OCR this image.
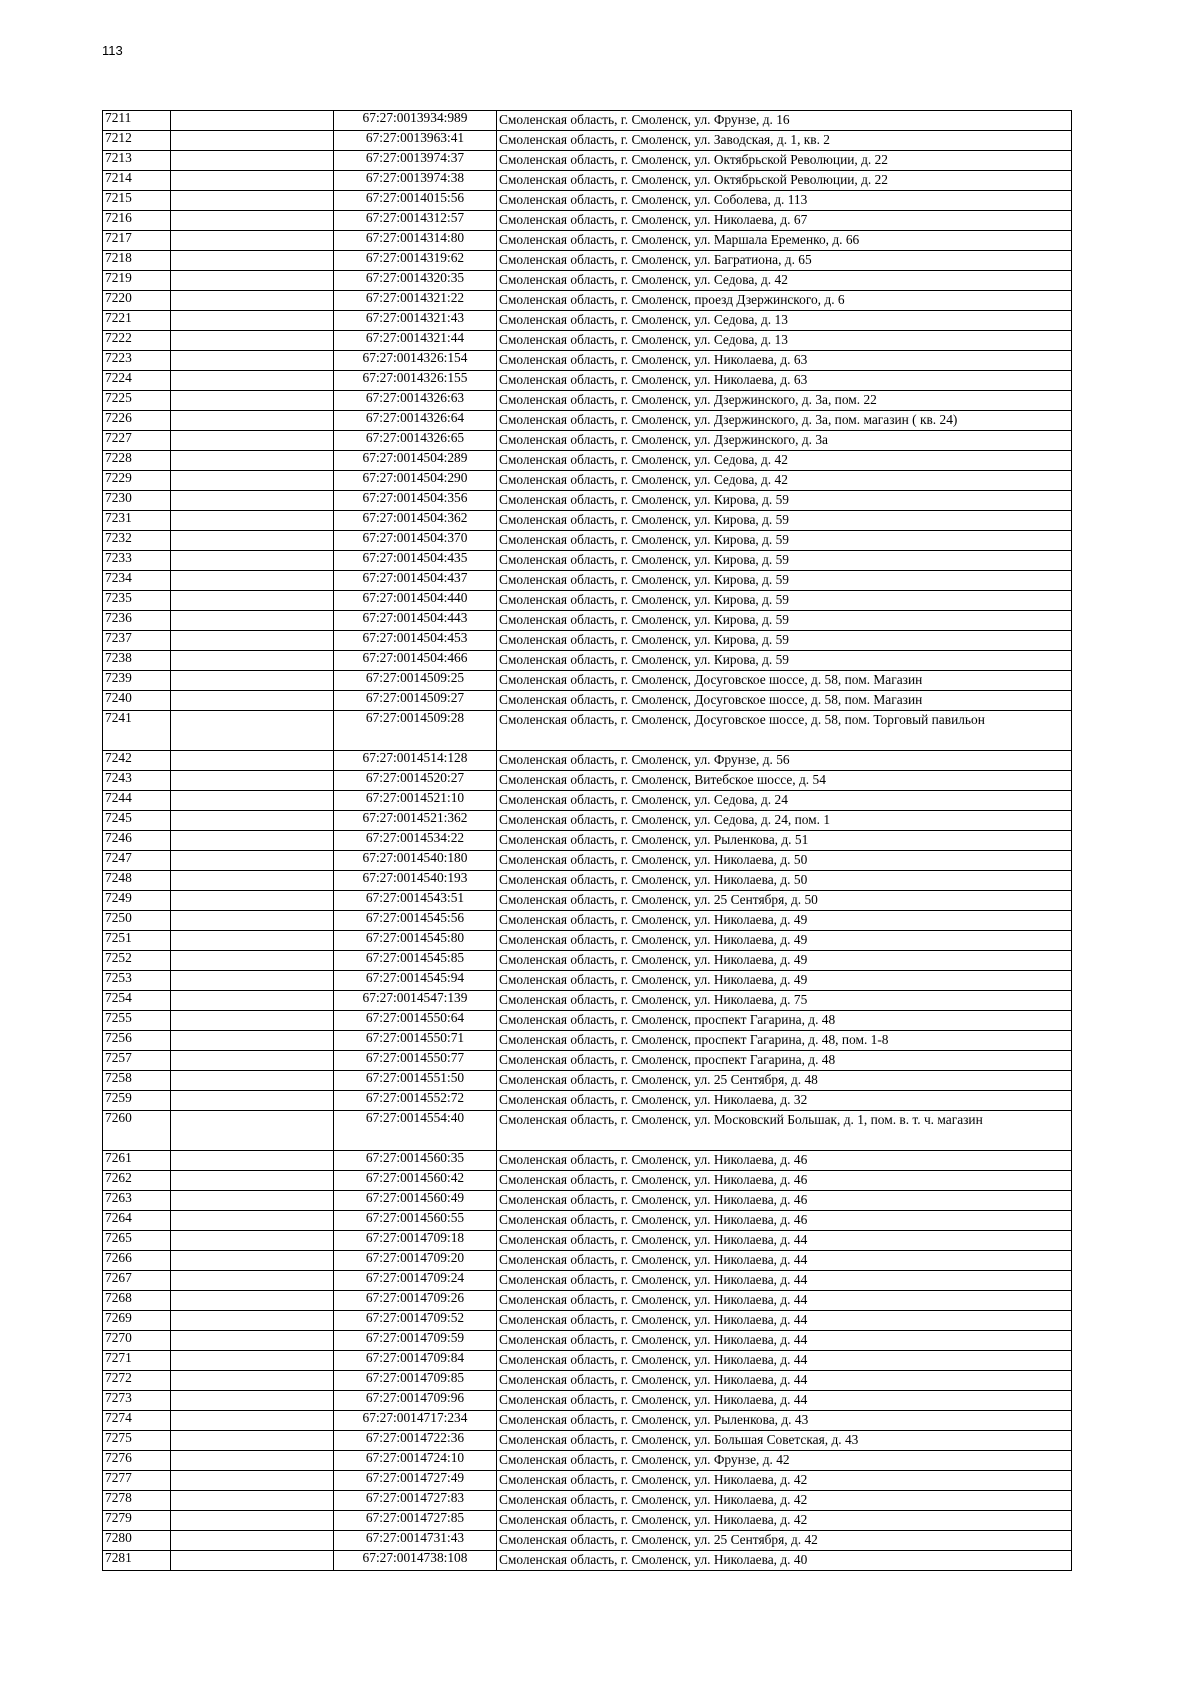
113
7211		67:27:0013934:989	Смоленская область, г. Смоленск, ул. Фрунзе, д. 16

7212		67:27:0013963:41	Смоленская область, г. Смоленск, ул. Заводская, д. 1, кв. 2

7213		67:27:0013974:37	Смоленская область, г. Смоленск, ул. Октябрьской Революции, д. 22

7214		67:27:0013974:38	Смоленская область, г. Смоленск, ул. Октябрьской Революции, д. 22

7215		67:27:0014015:56	Смоленская область, г. Смоленск, ул. Соболева, д. 113

7216		67:27:0014312:57	Смоленская область, г. Смоленск, ул. Николаева, д. 67

7217		67:27:0014314:80	Смоленская область, г. Смоленск, ул. Маршала Еременко, д. 66

7218		67:27:0014319:62	Смоленская область, г. Смоленск, ул. Багратиона, д. 65

7219		67:27:0014320:35	Смоленская область, г. Смоленск, ул. Седова, д. 42

7220		67:27:0014321:22	Смоленская область, г. Смоленск, проезд Дзержинского, д. 6

7221		67:27:0014321:43	Смоленская область, г. Смоленск, ул. Седова, д. 13

7222		67:27:0014321:44	Смоленская область, г. Смоленск, ул. Седова, д. 13

7223		67:27:0014326:154	Смоленская область, г. Смоленск, ул. Николаева, д. 63

7224		67:27:0014326:155	Смоленская область, г. Смоленск, ул. Николаева, д. 63

7225		67:27:0014326:63	Смоленская область, г. Смоленск, ул. Дзержинского, д. 3а, пом. 22

7226		67:27:0014326:64	Смоленская область, г. Смоленск, ул. Дзержинского, д. 3а, пом. магазин ( кв. 24)

7227		67:27:0014326:65	Смоленская область, г. Смоленск, ул. Дзержинского, д. 3а

7228		67:27:0014504:289	Смоленская область, г. Смоленск, ул. Седова, д. 42

7229		67:27:0014504:290	Смоленская область, г. Смоленск, ул. Седова, д. 42

7230		67:27:0014504:356	Смоленская область, г. Смоленск, ул. Кирова, д. 59

7231		67:27:0014504:362	Смоленская область, г. Смоленск, ул. Кирова, д. 59

7232		67:27:0014504:370	Смоленская область, г. Смоленск, ул. Кирова, д. 59

7233		67:27:0014504:435	Смоленская область, г. Смоленск, ул. Кирова, д. 59

7234		67:27:0014504:437	Смоленская область, г. Смоленск, ул. Кирова, д. 59

7235		67:27:0014504:440	Смоленская область, г. Смоленск, ул. Кирова, д. 59

7236		67:27:0014504:443	Смоленская область, г. Смоленск, ул. Кирова, д. 59

7237		67:27:0014504:453	Смоленская область, г. Смоленск, ул. Кирова, д. 59

7238		67:27:0014504:466	Смоленская область, г. Смоленск, ул. Кирова, д. 59

7239		67:27:0014509:25	Смоленская область, г. Смоленск, Досуговское шоссе, д. 58, пом. Магазин

7240		67:27:0014509:27	Смоленская область, г. Смоленск, Досуговское шоссе, д. 58, пом. Магазин

7241		67:27:0014509:28	Смоленская область, г. Смоленск, Досуговское шоссе, д. 58, пом. Торговый павильон

7242		67:27:0014514:128	Смоленская область, г. Смоленск, ул. Фрунзе, д. 56

7243		67:27:0014520:27	Смоленская область, г. Смоленск, Витебское шоссе, д. 54

7244		67:27:0014521:10	Смоленская область, г. Смоленск, ул. Седова, д. 24

7245		67:27:0014521:362	Смоленская область, г. Смоленск, ул. Седова, д. 24, пом. 1

7246		67:27:0014534:22	Смоленская область, г. Смоленск, ул. Рыленкова, д. 51

7247		67:27:0014540:180	Смоленская область, г. Смоленск, ул. Николаева, д. 50

7248		67:27:0014540:193	Смоленская область, г. Смоленск, ул. Николаева, д. 50

7249		67:27:0014543:51	Смоленская область, г. Смоленск, ул. 25 Сентября, д. 50

7250		67:27:0014545:56	Смоленская область, г. Смоленск, ул. Николаева, д. 49

7251		67:27:0014545:80	Смоленская область, г. Смоленск, ул. Николаева, д. 49

7252		67:27:0014545:85	Смоленская область, г. Смоленск, ул. Николаева, д. 49

7253		67:27:0014545:94	Смоленская область, г. Смоленск, ул. Николаева, д. 49

7254		67:27:0014547:139	Смоленская область, г. Смоленск, ул. Николаева, д. 75

7255		67:27:0014550:64	Смоленская область, г. Смоленск, проспект Гагарина, д. 48

7256		67:27:0014550:71	Смоленская область, г. Смоленск, проспект Гагарина, д. 48, пом. 1-8

7257		67:27:0014550:77	Смоленская область, г. Смоленск, проспект Гагарина, д. 48

7258		67:27:0014551:50	Смоленская область, г. Смоленск, ул. 25 Сентября, д. 48

7259		67:27:0014552:72	Смоленская область, г. Смоленск, ул. Николаева, д. 32

7260		67:27:0014554:40	Смоленская область, г. Смоленск, ул. Московский Большак, д. 1, пом. в. т. ч. магазин

7261		67:27:0014560:35	Смоленская область, г. Смоленск, ул. Николаева, д. 46

7262		67:27:0014560:42	Смоленская область, г. Смоленск, ул. Николаева, д. 46

7263		67:27:0014560:49	Смоленская область, г. Смоленск, ул. Николаева, д. 46

7264		67:27:0014560:55	Смоленская область, г. Смоленск, ул. Николаева, д. 46

7265		67:27:0014709:18	Смоленская область, г. Смоленск, ул. Николаева, д. 44

7266		67:27:0014709:20	Смоленская область, г. Смоленск, ул. Николаева, д. 44

7267		67:27:0014709:24	Смоленская область, г. Смоленск, ул. Николаева, д. 44

7268		67:27:0014709:26	Смоленская область, г. Смоленск, ул. Николаева, д. 44

7269		67:27:0014709:52	Смоленская область, г. Смоленск, ул. Николаева, д. 44

7270		67:27:0014709:59	Смоленская область, г. Смоленск, ул. Николаева, д. 44

7271		67:27:0014709:84	Смоленская область, г. Смоленск, ул. Николаева, д. 44

7272		67:27:0014709:85	Смоленская область, г. Смоленск, ул. Николаева, д. 44

7273		67:27:0014709:96	Смоленская область, г. Смоленск, ул. Николаева, д. 44

7274		67:27:0014717:234	Смоленская область, г. Смоленск, ул. Рыленкова, д. 43

7275		67:27:0014722:36	Смоленская область, г. Смоленск, ул. Большая Советская, д. 43

7276		67:27:0014724:10	Смоленская область, г. Смоленск, ул. Фрунзе, д. 42

7277		67:27:0014727:49	Смоленская область, г. Смоленск, ул. Николаева, д. 42

7278		67:27:0014727:83	Смоленская область, г. Смоленск, ул. Николаева, д. 42

7279		67:27:0014727:85	Смоленская область, г. Смоленск, ул. Николаева, д. 42

7280		67:27:0014731:43	Смоленская область, г. Смоленск, ул. 25 Сентября, д. 42

7281		67:27:0014738:108	Смоленская область, г. Смоленск, ул. Николаева, д. 40
